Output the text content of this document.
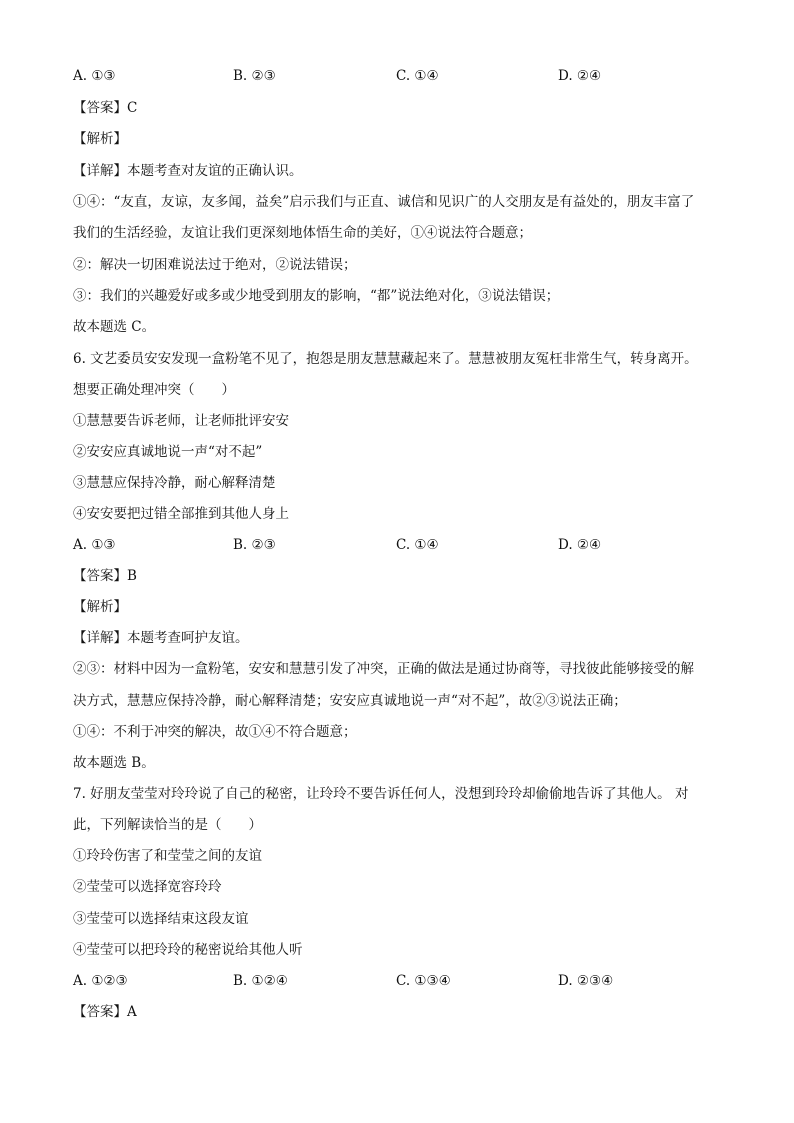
A. ①③	B. ②③	C. ①④	D. ②④
【答案】C
【解析】
【详解】本题考查对友谊的正确认识。
①④：“友直，友谅，友多闻，益矣”启示我们与正直、诚信和见识广的人交朋友是有益处的，朋友丰富了
我们的生活经验，友谊让我们更深刻地体悟生命的美好，①④说法符合题意；
②：解决一切困难说法过于绝对，②说法错误；
③：我们的兴趣爱好或多或少地受到朋友的影响，“都”说法绝对化，③说法错误；
故本题选 C。
6. 文艺委员安安发现一盒粉笔不见了，抱怨是朋友慧慧藏起来了。慧慧被朋友冤枉非常生气，转身离开。
想要正确处理冲突（　　）
①慧慧要告诉老师，让老师批评安安
②安安应真诚地说一声“对不起”
③慧慧应保持冷静，耐心解释清楚
④安安要把过错全部推到其他人身上
A. ①③	B. ②③	C. ①④	D. ②④
【答案】B
【解析】
【详解】本题考查呵护友谊。
②③：材料中因为一盒粉笔，安安和慧慧引发了冲突，正确的做法是通过协商等，寻找彼此能够接受的解
决方式，慧慧应保持冷静，耐心解释清楚；安安应真诚地说一声“对不起”，故②③说法正确；
①④：不利于冲突的解决，故①④不符合题意；
故本题选 B。
7. 好朋友莹莹对玲玲说了自己的秘密，让玲玲不要告诉任何人，没想到玲玲却偷偷地告诉了其他人。 对
此，下列解读恰当的是（　　）
①玲玲伤害了和莹莹之间的友谊
②莹莹可以选择宽容玲玲
③莹莹可以选择结束这段友谊
④莹莹可以把玲玲的秘密说给其他人听
A. ①②③	B. ①②④	C. ①③④	D. ②③④
【答案】A
